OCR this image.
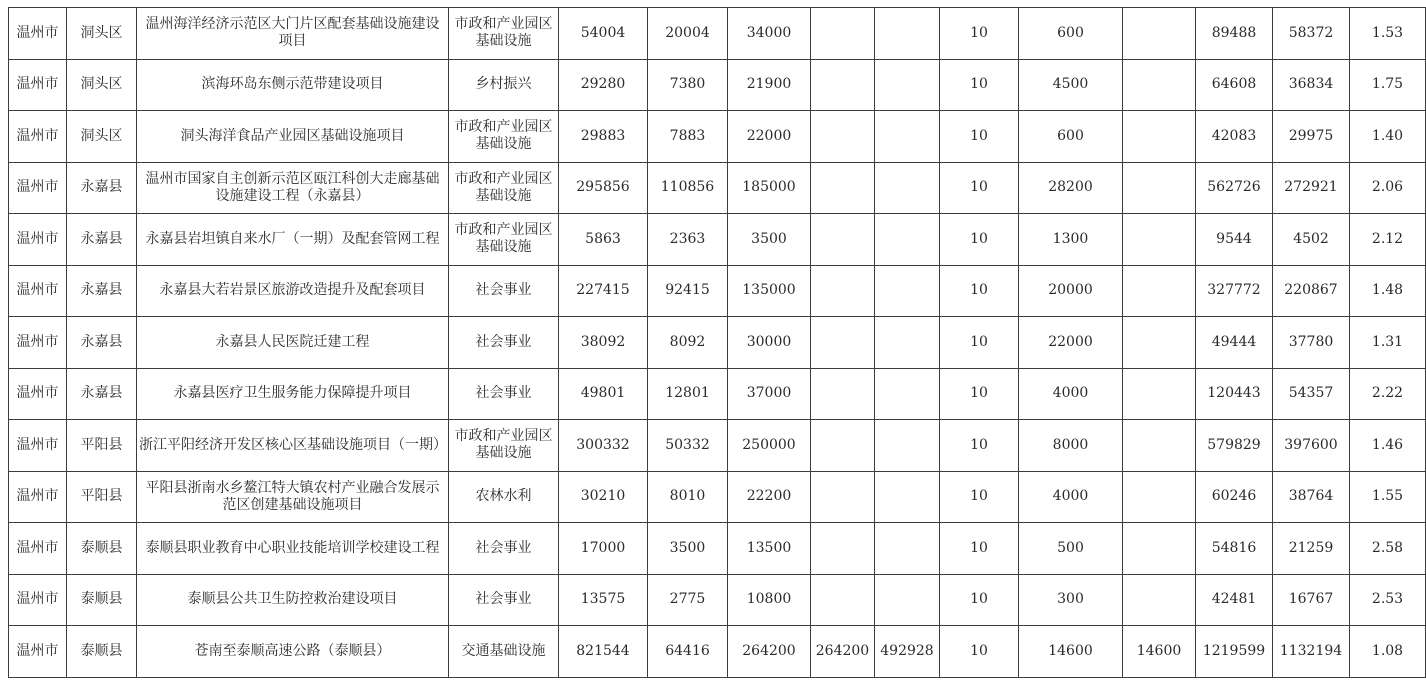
温州市	洞头区	温州海洋经济示范区大门片区配套基础设施建设项目	市政和产业园区基础设施	54004	20004	34000			10	600		89488	58372	1.53
温州市	洞头区	滨海环岛东侧示范带建设项目	乡村振兴	29280	7380	21900			10	4500		64608	36834	1.75
温州市	洞头区	洞头海洋食品产业园区基础设施项目	市政和产业园区基础设施	29883	7883	22000			10	600		42083	29975	1.40
温州市	永嘉县	温州市国家自主创新示范区瓯江科创大走廊基础设施建设工程（永嘉县）	市政和产业园区基础设施	295856	110856	185000			10	28200		562726	272921	2.06
温州市	永嘉县	永嘉县岩坦镇自来水厂（一期）及配套管网工程	市政和产业园区基础设施	5863	2363	3500			10	1300		9544	4502	2.12
温州市	永嘉县	永嘉县大若岩景区旅游改造提升及配套项目	社会事业	227415	92415	135000			10	20000		327772	220867	1.48
温州市	永嘉县	永嘉县人民医院迁建工程	社会事业	38092	8092	30000			10	22000		49444	37780	1.31
温州市	永嘉县	永嘉县医疗卫生服务能力保障提升项目	社会事业	49801	12801	37000			10	4000		120443	54357	2.22
温州市	平阳县	浙江平阳经济开发区核心区基础设施项目（一期）	市政和产业园区基础设施	300332	50332	250000			10	8000		579829	397600	1.46
温州市	平阳县	平阳县浙南水乡鳌江特大镇农村产业融合发展示范区创建基础设施项目	农林水利	30210	8010	22200			10	4000		60246	38764	1.55
温州市	泰顺县	泰顺县职业教育中心职业技能培训学校建设工程	社会事业	17000	3500	13500			10	500		54816	21259	2.58
温州市	泰顺县	泰顺县公共卫生防控救治建设项目	社会事业	13575	2775	10800			10	300		42481	16767	2.53
温州市	泰顺县	苍南至泰顺高速公路（泰顺县）	交通基础设施	821544	64416	264200	264200	492928	10	14600	14600	1219599	1132194	1.08
